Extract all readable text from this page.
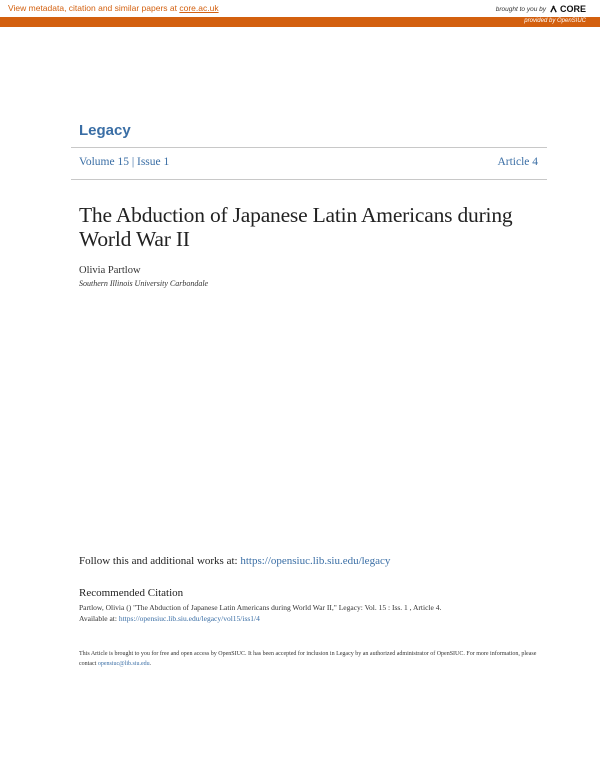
View metadata, citation and similar papers at core.ac.uk	brought to you by CORE
provided by OpenSIUC
Legacy
Volume 15 | Issue 1	Article 4
The Abduction of Japanese Latin Americans during World War II
Olivia Partlow
Southern Illinois University Carbondale
Follow this and additional works at: https://opensiuc.lib.siu.edu/legacy
Recommended Citation
Partlow, Olivia () "The Abduction of Japanese Latin Americans during World War II," Legacy: Vol. 15 : Iss. 1 , Article 4.
Available at: https://opensiuc.lib.siu.edu/legacy/vol15/iss1/4
This Article is brought to you for free and open access by OpenSIUC. It has been accepted for inclusion in Legacy by an authorized administrator of OpenSIUC. For more information, please contact opensiuc@lib.siu.edu.
